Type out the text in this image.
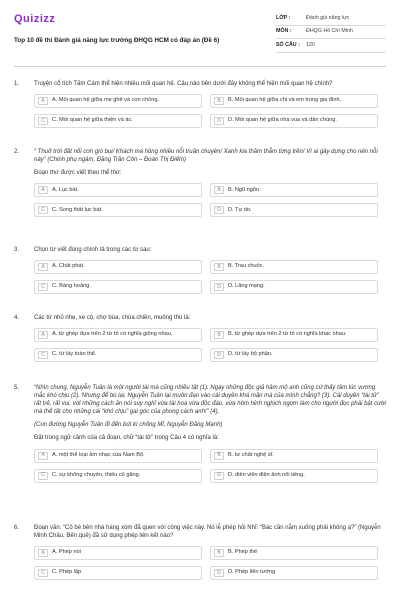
Quizizz
Top 10 đề thi Đánh giá năng lực trường ĐHQG HCM có đáp án (Đề 6)
LỚP :	Đánh giá năng lực
MÔN :	ĐHQG Hồ Chí Minh
SỐ CÂU :	120
1. Truyện cổ tích Tấm Cám thể hiện nhiều mối quan hệ. Câu nào bên dưới đây không thể hiện mối quan hệ chính?
A	A. Mối quan hệ giữa mẹ ghẻ và con chồng.	B	B. Mối quan hệ giữa chị và em trong gia đình.
C	C. Mối quan hệ giữa thiện và ác.	D	D. Mối quan hệ giữa nhà vua và dân chúng.
2. “ Thuở trời đất nổi cơn gió bụi/ Khách má hồng nhiều nỗi truân chuyên/ Xanh kia thăm thẳm từng trên/ Vì ai gây dựng cho nên nỗi này” (Chinh phụ ngâm, Đặng Trần Côn – Đoàn Thị Điểm)
Đoạn thơ được viết theo thể thơ:
A	A. Lục bát.	B	B. Ngũ ngôn.
C	C. Song thất lục bát.	D	D. Tự do.
3. Chọn từ viết đúng chính tả trong các từ sau:
A	A. Chất phát.	B	B. Trau chuốc.
C	C. Bàng hoàng.	D	D. Lãng mạng.
4. Các từ nhỏ nhẹ, xe cộ, chợ búa, chùa chiền, muông thú là:
A	A. từ ghép đựa trên 2 từ tố có nghĩa giống nhau.	B	B. từ ghép dựa trên 2 từ tố có nghĩa khác nhau.
C	C. từ láy toàn thể.	D	D. từ láy bộ phận.
5. “Nhìn chung, Nguyễn Tuân là một người tài mà cũng nhiều tật (1). Ngay những độc giả hâm mộ anh cũng cứ thấy tâm lúc vương mắc khó chịu (2). Nhưng để bù lại, Nguyễn Tuân lại muôn đạo vào cái duyên khá mặn mà của mình chẳng? (3). Cái duyên “tài tử” rất trẻ, rất vui, với những cách ăn nói suy nghĩ vừa tài hoa vừa độc đáo, vừa hóm hỉnh nghịch ngợm làm cho người đọc phải bật cười mà thể tất cho những cái “khó chịu” gai góc của phong cách anh!” (4).
(Con đường Nguyễn Tuân đi đến bút kí chống Mĩ, Nguyễn Đăng Mạnh)
Đặt trong ngữ cảnh của cả đoạn, chữ “tài tử” trong Câu 4 có nghĩa là:
A	A. một thể loại âm nhạc của Nam Bộ.	B	B. tư chất nghệ sĩ.
C	C. sự không chuyên, thiếu cố gắng.	D	D. diễn viên điện ảnh nổi tiếng.
6. Đoạn văn: “Cô bé bên nhà hàng xóm đã quen với công việc này. Nó lễ phép hỏi Nhĩ: “Bác cần nằm xuống phải không ạ?” (Nguyễn Minh Châu, Bến quê) đã sử dụng phép liên kết nào?
A	A. Phép nối	B	B. Phép thế
C	C. Phép lặp	D	D. Phép liên tưởng
